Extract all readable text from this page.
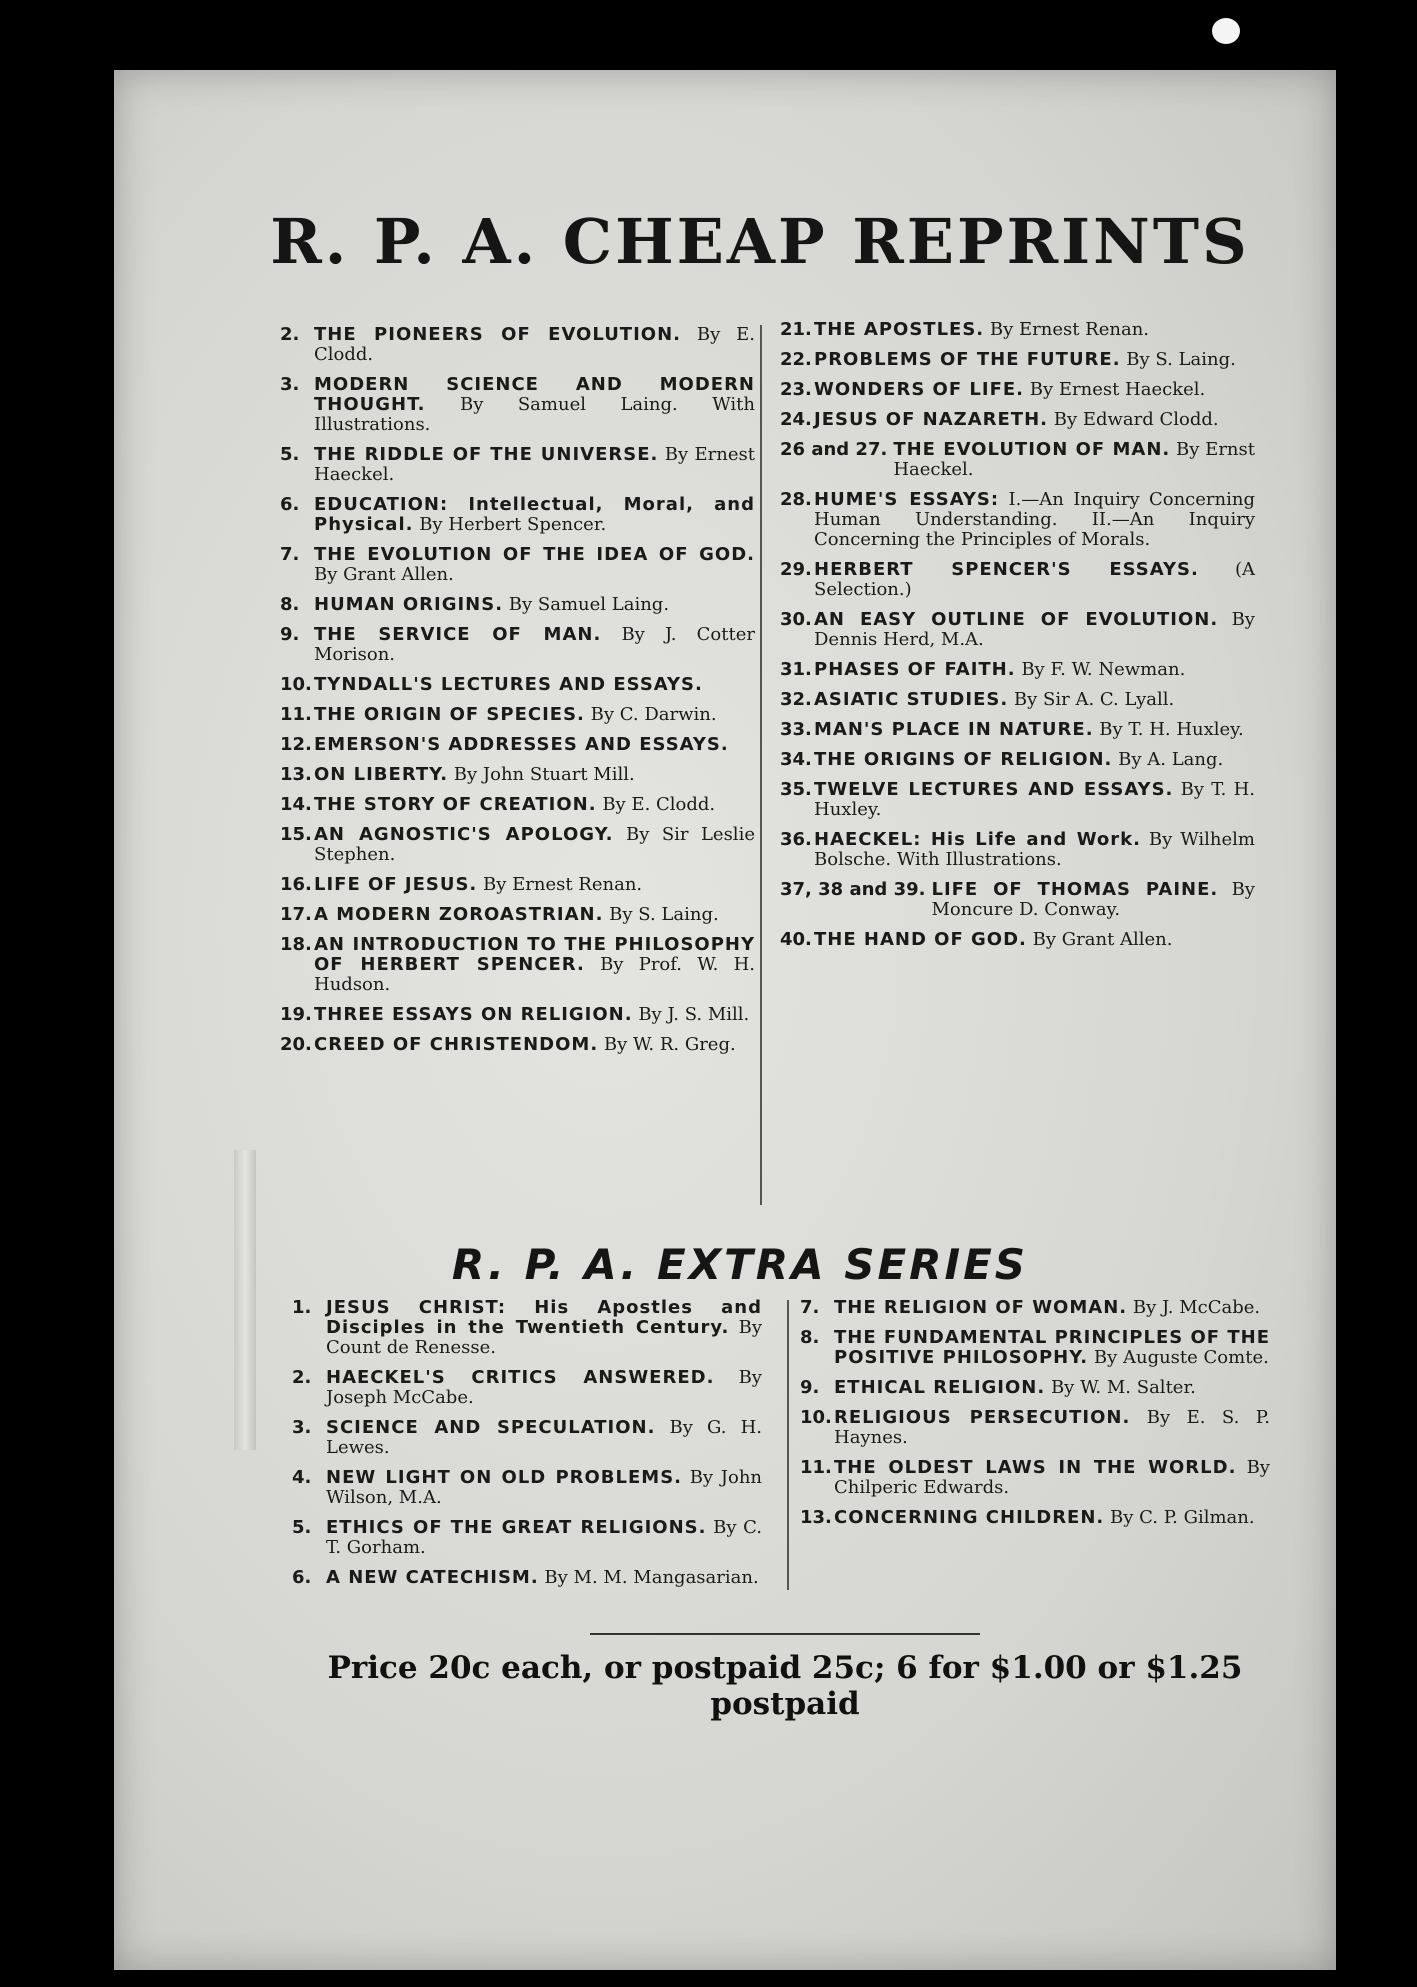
R. P. A. CHEAP REPRINTS
2. THE PIONEERS OF EVOLUTION. By E. Clodd.
3. MODERN SCIENCE AND MODERN THOUGHT. By Samuel Laing. With Illustrations.
5. THE RIDDLE OF THE UNIVERSE. By Ernest Haeckel.
6. EDUCATION: Intellectual, Moral, and Physical. By Herbert Spencer.
7. THE EVOLUTION OF THE IDEA OF GOD. By Grant Allen.
8. HUMAN ORIGINS. By Samuel Laing.
9. THE SERVICE OF MAN. By J. Cotter Morison.
10. TYNDALL'S LECTURES AND ESSAYS.
11. THE ORIGIN OF SPECIES. By C. Darwin.
12. EMERSON'S ADDRESSES AND ESSAYS.
13. ON LIBERTY. By John Stuart Mill.
14. THE STORY OF CREATION. By E. Clodd.
15. AN AGNOSTIC'S APOLOGY. By Sir Leslie Stephen.
16. LIFE OF JESUS. By Ernest Renan.
17. A MODERN ZOROASTRIAN. By S. Laing.
18. AN INTRODUCTION TO THE PHILOSOPHY OF HERBERT SPENCER. By Prof. W. H. Hudson.
19. THREE ESSAYS ON RELIGION. By J. S. Mill.
20. CREED OF CHRISTENDOM. By W. R. Greg.
21. THE APOSTLES. By Ernest Renan.
22. PROBLEMS OF THE FUTURE. By S. Laing.
23. WONDERS OF LIFE. By Ernest Haeckel.
24. JESUS OF NAZARETH. By Edward Clodd.
26 and 27. THE EVOLUTION OF MAN. By Ernst Haeckel.
28. HUME'S ESSAYS: I.—An Inquiry Concerning Human Understanding. II.—An Inquiry Concerning the Principles of Morals.
29. HERBERT SPENCER'S ESSAYS. (A Selection.)
30. AN EASY OUTLINE OF EVOLUTION. By Dennis Herd, M.A.
31. PHASES OF FAITH. By F. W. Newman.
32. ASIATIC STUDIES. By Sir A. C. Lyall.
33. MAN'S PLACE IN NATURE. By T. H. Huxley.
34. THE ORIGINS OF RELIGION. By A. Lang.
35. TWELVE LECTURES AND ESSAYS. By T. H. Huxley.
36. HAECKEL: His Life and Work. By Wilhelm Bolsche. With Illustrations.
37, 38 and 39. LIFE OF THOMAS PAINE. By Moncure D. Conway.
40. THE HAND OF GOD. By Grant Allen.
R. P. A. EXTRA SERIES
1. JESUS CHRIST: His Apostles and Disciples in the Twentieth Century. By Count de Renesse.
2. HAECKEL'S CRITICS ANSWERED. By Joseph McCabe.
3. SCIENCE AND SPECULATION. By G. H. Lewes.
4. NEW LIGHT ON OLD PROBLEMS. By John Wilson, M.A.
5. ETHICS OF THE GREAT RELIGIONS. By C. T. Gorham.
6. A NEW CATECHISM. By M. M. Mangasarian.
7. THE RELIGION OF WOMAN. By J. McCabe.
8. THE FUNDAMENTAL PRINCIPLES OF THE POSITIVE PHILOSOPHY. By Auguste Comte.
9. ETHICAL RELIGION. By W. M. Salter.
10. RELIGIOUS PERSECUTION. By E. S. P. Haynes.
11. THE OLDEST LAWS IN THE WORLD. By Chilperic Edwards.
13. CONCERNING CHILDREN. By C. P. Gilman.

Price 20c each, or postpaid 25c; 6 for $1.00 or $1.25 postpaid
